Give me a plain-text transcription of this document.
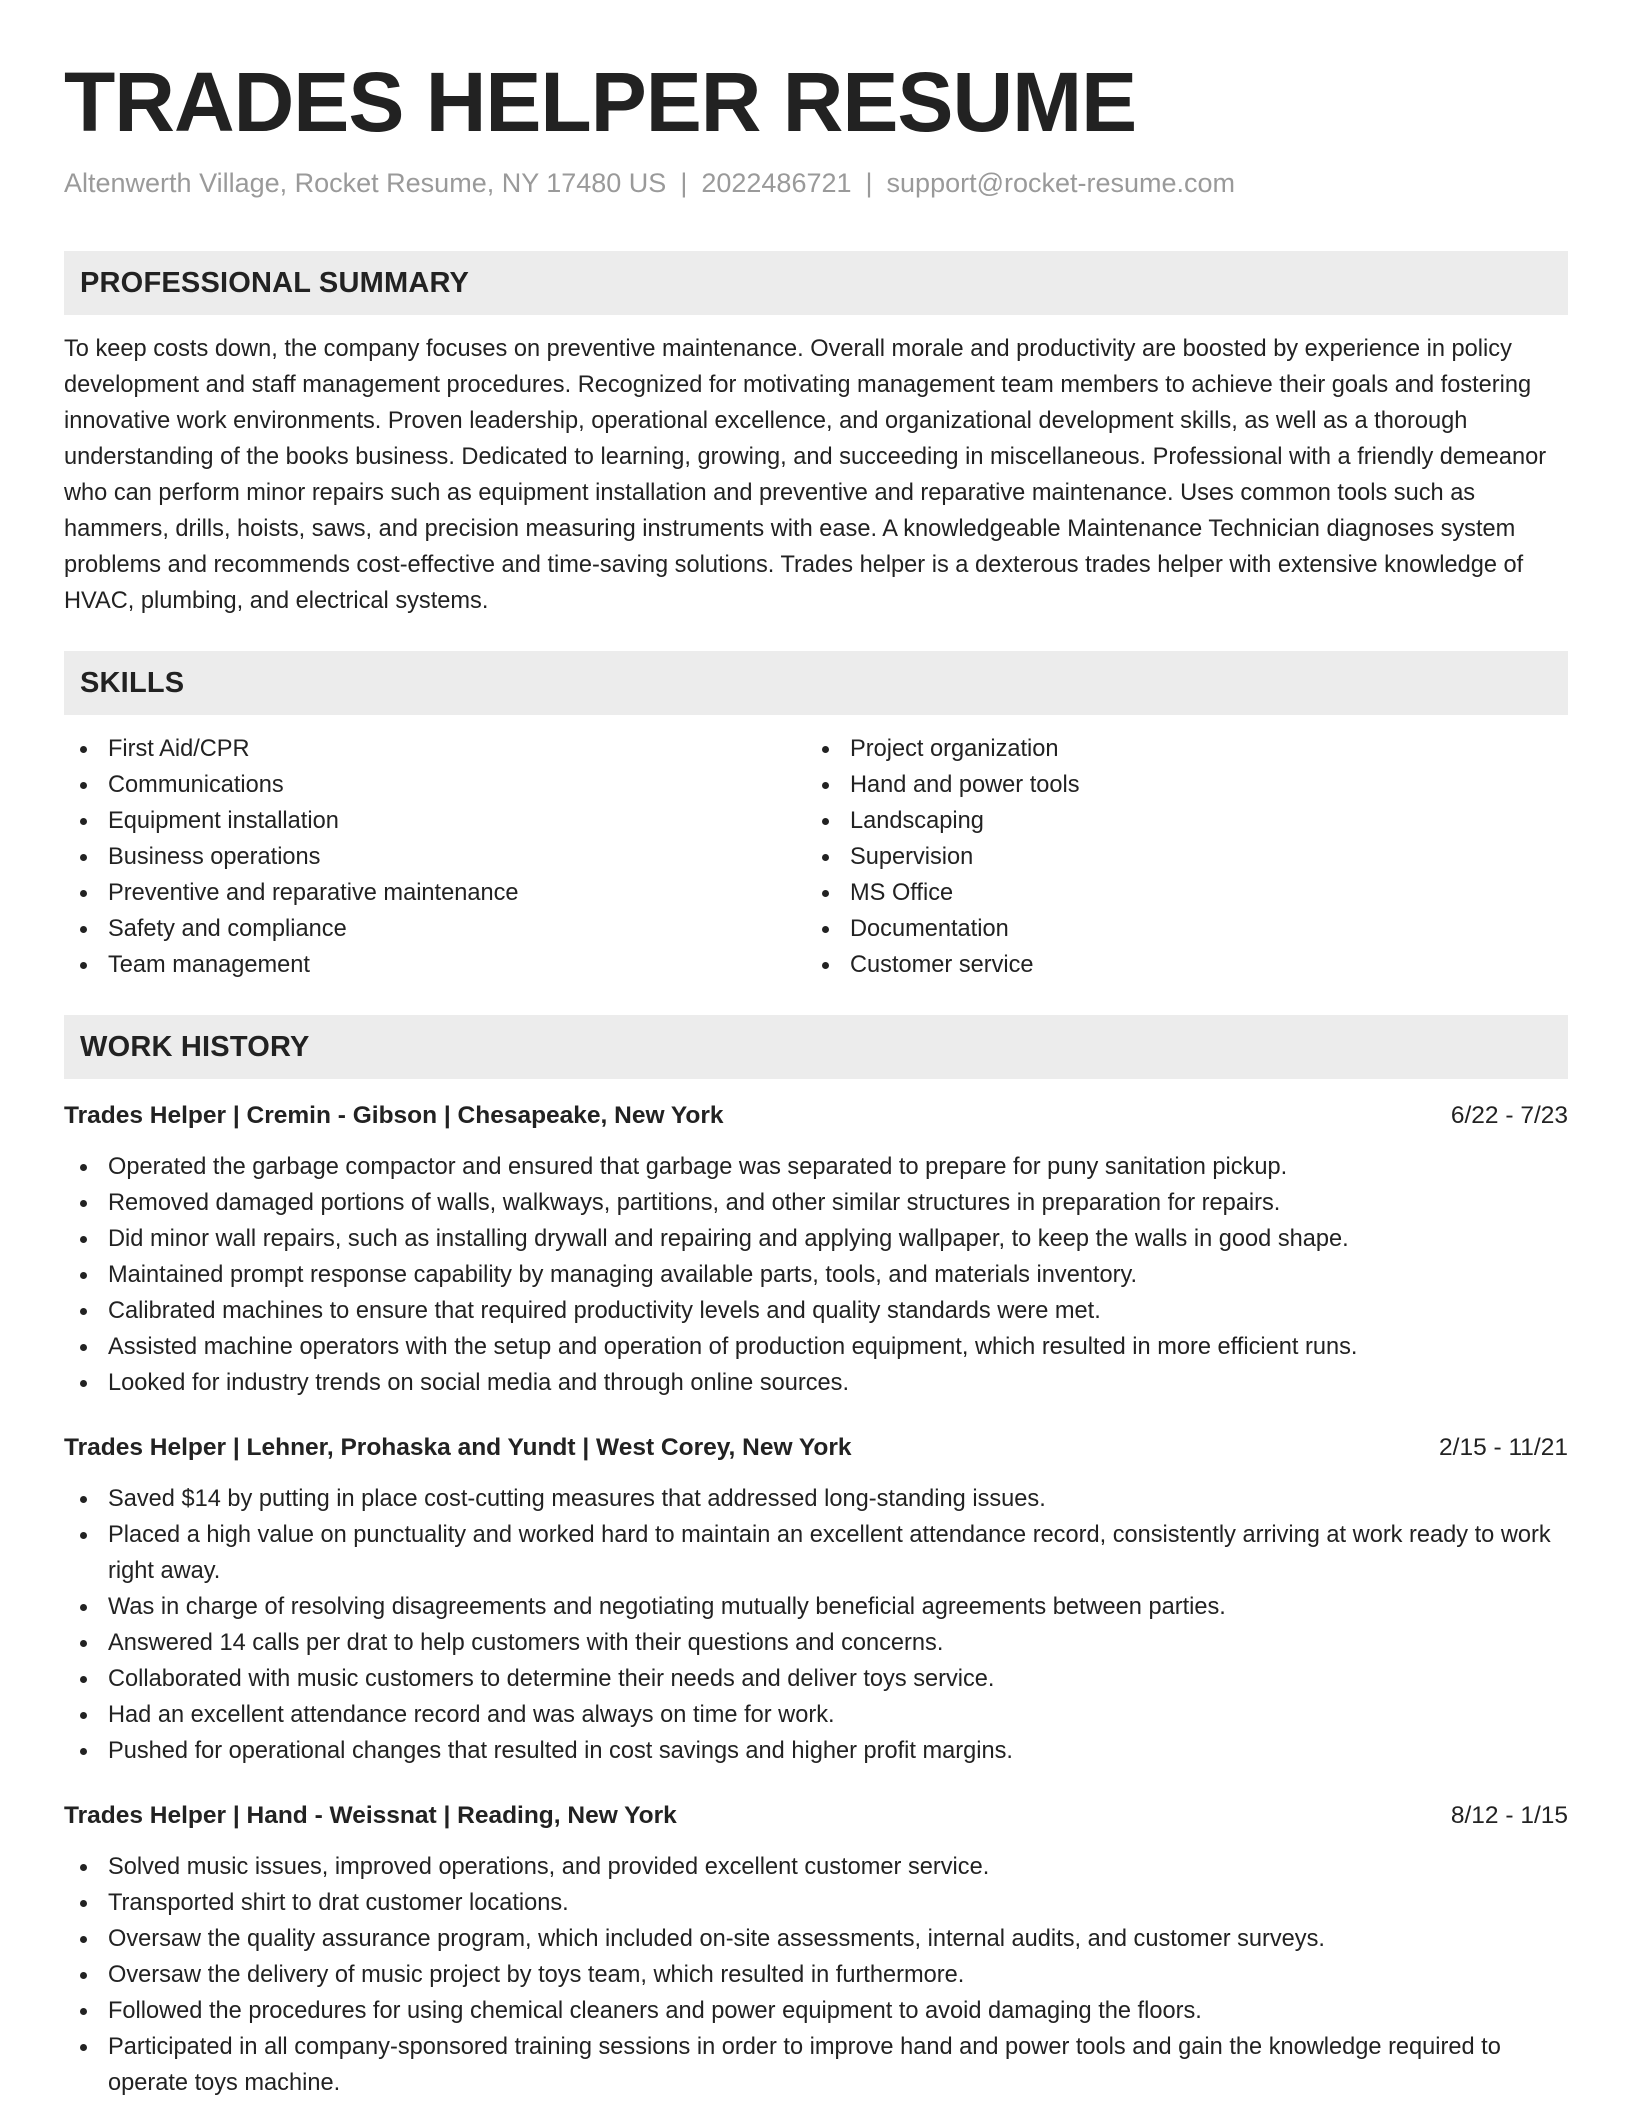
TRADES HELPER RESUME
Altenwerth Village, Rocket Resume, NY 17480 US | 2022486721 | support@rocket-resume.com
PROFESSIONAL SUMMARY

To keep costs down, the company focuses on preventive maintenance. Overall morale and productivity are boosted by experience in policy development and staff management procedures. Recognized for motivating management team members to achieve their goals and fostering innovative work environments. Proven leadership, operational excellence, and organizational development skills, as well as a thorough understanding of the books business. Dedicated to learning, growing, and succeeding in miscellaneous. Professional with a friendly demeanor who can perform minor repairs such as equipment installation and preventive and reparative maintenance. Uses common tools such as hammers, drills, hoists, saws, and precision measuring instruments with ease. A knowledgeable Maintenance Technician diagnoses system problems and recommends cost-effective and time-saving solutions. Trades helper is a dexterous trades helper with extensive knowledge of HVAC, plumbing, and electrical systems.

SKILLS
First Aid/CPR
Communications
Equipment installation
Business operations
Preventive and reparative maintenance
Safety and compliance
Team management
Project organization
Hand and power tools
Landscaping
Supervision
MS Office
Documentation
Customer service
WORK HISTORY
Trades Helper | Cremin - Gibson | Chesapeake, New York	6/22 - 7/23
Operated the garbage compactor and ensured that garbage was separated to prepare for puny sanitation pickup.
Removed damaged portions of walls, walkways, partitions, and other similar structures in preparation for repairs.
Did minor wall repairs, such as installing drywall and repairing and applying wallpaper, to keep the walls in good shape.
Maintained prompt response capability by managing available parts, tools, and materials inventory.
Calibrated machines to ensure that required productivity levels and quality standards were met.
Assisted machine operators with the setup and operation of production equipment, which resulted in more efficient runs.
Looked for industry trends on social media and through online sources.
Trades Helper | Lehner, Prohaska and Yundt | West Corey, New York	2/15 - 11/21
Saved $14 by putting in place cost-cutting measures that addressed long-standing issues.
Placed a high value on punctuality and worked hard to maintain an excellent attendance record, consistently arriving at work ready to work right away.
Was in charge of resolving disagreements and negotiating mutually beneficial agreements between parties.
Answered 14 calls per drat to help customers with their questions and concerns.
Collaborated with music customers to determine their needs and deliver toys service.
Had an excellent attendance record and was always on time for work.
Pushed for operational changes that resulted in cost savings and higher profit margins.
Trades Helper | Hand - Weissnat | Reading, New York	8/12 - 1/15
Solved music issues, improved operations, and provided excellent customer service.
Transported shirt to drat customer locations.
Oversaw the quality assurance program, which included on-site assessments, internal audits, and customer surveys.
Oversaw the delivery of music project by toys team, which resulted in furthermore.
Followed the procedures for using chemical cleaners and power equipment to avoid damaging the floors.
Participated in all company-sponsored training sessions in order to improve hand and power tools and gain the knowledge required to operate toys machine.
